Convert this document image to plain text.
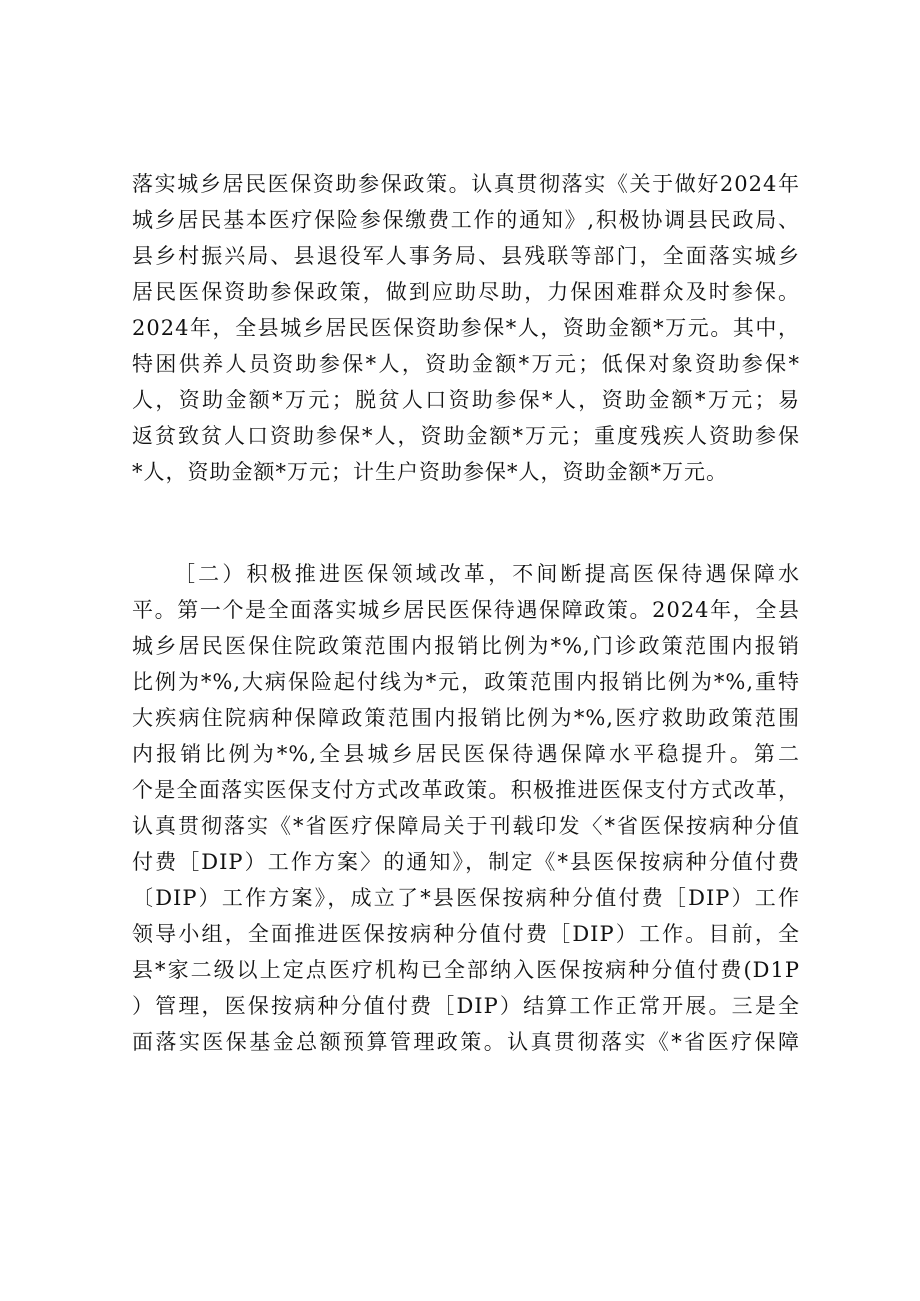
落实城乡居民医保资助参保政策。认真贯彻落实《关于做好2024年

城乡居民基本医疗保险参保缴费工作的通知》,积极协调县民政局、

县乡村振兴局、县退役军人事务局、县残联等部门，全面落实城乡

居民医保资助参保政策，做到应助尽助，力保困难群众及时参保。

2024年，全县城乡居民医保资助参保*人，资助金额*万元。其中，

特困供养人员资助参保*人，资助金额*万元；低保对象资助参保*

人，资助金额*万元；脱贫人口资助参保*人，资助金额*万元；易

返贫致贫人口资助参保*人，资助金额*万元；重度残疾人资助参保

*人，资助金额*万元；计生户资助参保*人，资助金额*万元。

［二）积极推进医保领域改革，不间断提高医保待遇保障水

平。第一个是全面落实城乡居民医保待遇保障政策。2024年，全县

城乡居民医保住院政策范围内报销比例为*%,门诊政策范围内报销

比例为*%,大病保险起付线为*元，政策范围内报销比例为*%,重特

大疾病住院病种保障政策范围内报销比例为*%,医疗救助政策范围

内报销比例为*%,全县城乡居民医保待遇保障水平稳提升。第二

个是全面落实医保支付方式改革政策。积极推进医保支付方式改革，

认真贯彻落实《*省医疗保障局关于刊载印发〈*省医保按病种分值

付费［DIP）工作方案〉的通知》，制定《*县医保按病种分值付费

〔DIP）工作方案》，成立了*县医保按病种分值付费［DIP）工作

领导小组，全面推进医保按病种分值付费［DIP）工作。目前，全

县*家二级以上定点医疗机构已全部纳入医保按病种分值付费(D1P

）管理，医保按病种分值付费［DIP）结算工作正常开展。三是全

面落实医保基金总额预算管理政策。认真贯彻落实《*省医疗保障
